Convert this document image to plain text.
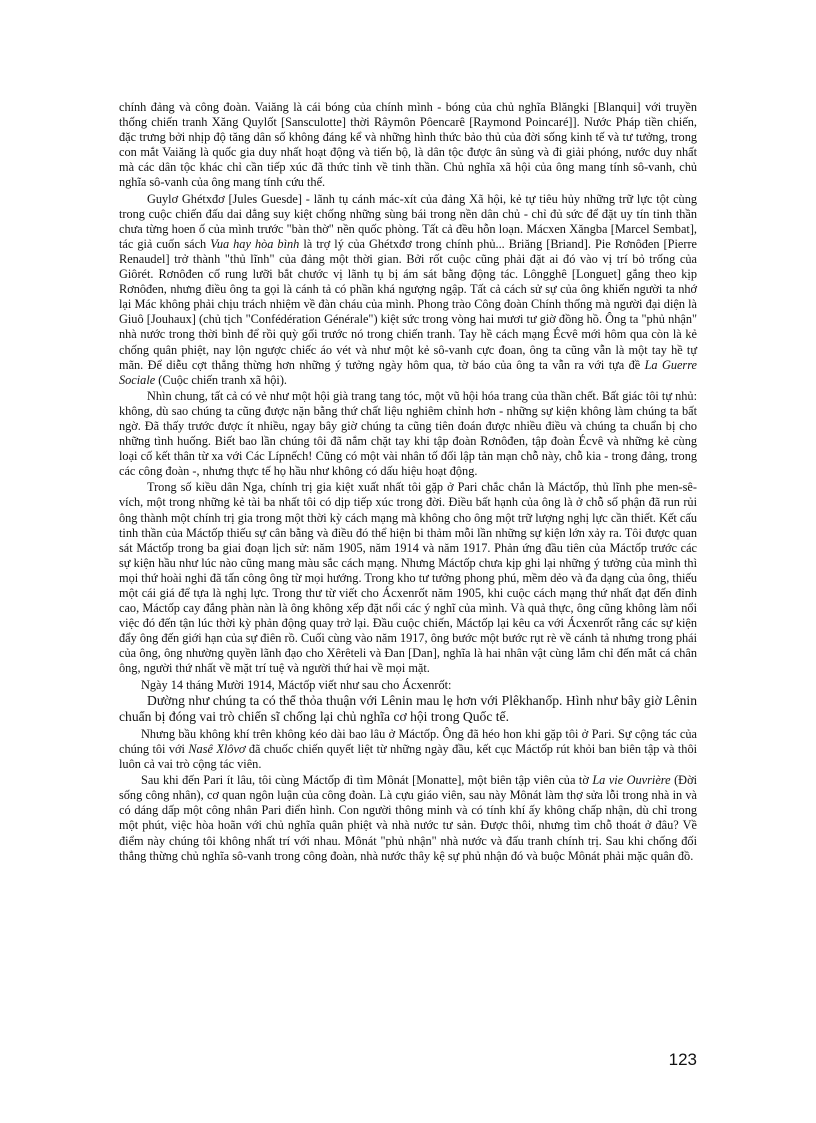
chính đảng và công đoàn. Vaiăng là cái bóng của chính mình - bóng của chủ nghĩa Blăngki [Blanqui] với truyền thống chiến tranh Xăng Quylốt [Sansculotte] thời Râymôn Pôencarê [Raymond Poincaré]]. Nước Pháp tiền chiến, đặc trưng bởi nhịp độ tăng dân số không đáng kể và những hình thức bảo thủ của đời sống kinh tế và tư tưởng, trong con mắt Vaiăng là quốc gia duy nhất hoạt động và tiến bộ, là dân tộc được ân sủng và đi giải phóng, nước duy nhất mà các dân tộc khác chỉ cần tiếp xúc đã thức tỉnh về tinh thần. Chủ nghĩa xã hội của ông mang tính sô-vanh, chủ nghĩa sô-vanh của ông mang tính cứu thế.

Guylơ Ghétxđơ [Jules Guesde] - lãnh tụ cánh mác-xít của đảng Xã hội, kẻ tự tiêu hủy những trữ lực tột cùng trong cuộc chiến đấu dai dẳng suy kiệt chống những sùng bái trong nền dân chủ - chỉ đủ sức để đặt uy tín tinh thần chưa từng hoen ố của mình trước "bàn thờ" nền quốc phòng. Tất cả đều hỗn loạn. Mácxen Xăngba [Marcel Sembat], tác giả cuốn sách Vua hay hòa bình là trợ lý của Ghétxđơ trong chính phủ... Briăng [Briand]. Pie Rơnôđen [Pierre Renaudel] trở thành "thủ lĩnh" của đảng một thời gian. Bởi rốt cuộc cũng phải đặt ai đó vào vị trí bỏ trống của Giôrét. Rơnôđen cố rung lưỡi bắt chước vị lãnh tụ bị ám sát bằng động tác. Lôngghê [Longuet] gắng theo kịp Rơnôđen, nhưng điều ông ta gọi là cánh tả có phần khá ngượng ngập. Tất cả cách sử sự của ông khiến người ta nhớ lại Mác không phải chịu trách nhiệm về đàn cháu của mình. Phong trào Công đoàn Chính thống mà người đại diện là Giuô [Jouhaux] (chủ tịch "Confédération Générale") kiệt sức trong vòng hai mươi tư giờ đồng hồ. Ông ta "phủ nhận" nhà nước trong thời bình để rồi quỳ gối trước nó trong chiến tranh. Tay hề cách mạng Écvê mới hôm qua còn là kẻ chống quân phiệt, nay lộn ngược chiếc áo vét và như một kẻ sô-vanh cực đoan, ông ta cũng vẫn là một tay hề tự mãn. Để diễu cợt thẳng thừng hơn những ý tưởng ngày hôm qua, tờ báo của ông ta vẫn ra với tựa đề La Guerre Sociale (Cuộc chiến tranh xã hội).

Nhìn chung, tất cả có vẻ như một hội già trang tang tóc, một vũ hội hóa trang của thần chết. Bất giác tôi tự nhủ: không, dù sao chúng ta cũng được nặn bằng thứ chất liệu nghiêm chỉnh hơn - những sự kiện không làm chúng ta bất ngờ. Đã thấy trước được ít nhiều, ngay bây giờ chúng ta cũng tiên đoán được nhiều điều và chúng ta chuẩn bị cho những tình huống. Biết bao lần chúng tôi đã nắm chặt tay khi tập đoàn Rơnôđen, tập đoàn Écvê và những kẻ cùng loại cố kết thân từ xa với Các Lípnếch! Cũng có một vài nhân tố đối lập tản mạn chỗ này, chỗ kia - trong đảng, trong các công đoàn -, nhưng thực tế họ hầu như không có dấu hiệu hoạt động.

Trong số kiều dân Nga, chính trị gia kiệt xuất nhất tôi gặp ở Pari chắc chắn là Máctốp, thủ lĩnh phe men-sê-vích, một trong những kẻ tài ba nhất tôi có dịp tiếp xúc trong đời. Điều bất hạnh của ông là ở chỗ số phận đã run rủi ông thành một chính trị gia trong một thời kỳ cách mạng mà không cho ông một trữ lượng nghị lực cần thiết. Kết cấu tinh thần của Máctốp thiếu sự cân bằng và điều đó thể hiện bi thảm mỗi lần những sự kiện lớn xảy ra. Tôi được quan sát Máctốp trong ba giai đoạn lịch sử: năm 1905, năm 1914 và năm 1917. Phản ứng đầu tiên của Máctốp trước các sự kiện hầu như lúc nào cũng mang màu sắc cách mạng. Nhưng Máctốp chưa kịp ghi lại những ý tưởng của mình thì mọi thứ hoài nghi đã tấn công ông từ mọi hướng. Trong kho tư tưởng phong phú, mềm dẻo và đa dạng của ông, thiếu một cái giá để tựa là nghị lực. Trong thư từ viết cho Ácxenrốt năm 1905, khi cuộc cách mạng thứ nhất đạt đến đỉnh cao, Máctốp cay đắng phàn nàn là ông không xếp đặt nổi các ý nghĩ của mình. Và quả thực, ông cũng không làm nổi việc đó đến tận lúc thời kỳ phản động quay trở lại. Đầu cuộc chiến, Máctốp lại kêu ca với Ácxenrốt rằng các sự kiện đẩy ông đến giới hạn của sự điên rồ. Cuối cùng vào năm 1917, ông bước một bước rụt rè về cánh tả nhưng trong phái của ông, ông nhường quyền lãnh đạo cho Xêrêteli và Đan [Dan], nghĩa là hai nhân vật cùng lắm chỉ đến mắt cá chân ông, người thứ nhất về mặt trí tuệ và người thứ hai về mọi mặt.

Ngày 14 tháng Mười 1914, Máctốp viết như sau cho Ácxenrốt:

Dường như chúng ta có thể thỏa thuận với Lênin mau lẹ hơn với Plêkhanốp. Hình như bây giờ Lênin chuẩn bị đóng vai trò chiến sĩ chống lại chủ nghĩa cơ hội trong Quốc tế.

Nhưng bầu không khí trên không kéo dài bao lâu ở Máctốp. Ông đã héo hon khi gặp tôi ở Pari. Sự cộng tác của chúng tôi với Nasê Xlôvơ đã chuốc chiến quyết liệt từ những ngày đầu, kết cục Máctốp rút khỏi ban biên tập và thôi luôn cả vai trò cộng tác viên.

Sau khi đến Pari ít lâu, tôi cùng Máctốp đi tìm Mônát [Monatte], một biên tập viên của tờ La vie Ouvrière (Đời sống công nhân), cơ quan ngôn luận của công đoàn. Là cựu giáo viên, sau này Mônát làm thợ sửa lỗi trong nhà in và có dáng dấp một công nhân Pari điển hình. Con người thông minh và có tính khí ấy không chấp nhận, dù chỉ trong một phút, việc hòa hoãn với chủ nghĩa quân phiệt và nhà nước tư sản. Được thôi, nhưng tìm chỗ thoát ở đâu? Về điểm này chúng tôi không nhất trí với nhau. Mônát "phủ nhận" nhà nước và đấu tranh chính trị. Sau khi chống đối thẳng thừng chủ nghĩa sô-vanh trong công đoàn, nhà nước thây kệ sự phủ nhận đó và buộc Mônát phải mặc quân đồ.

123
